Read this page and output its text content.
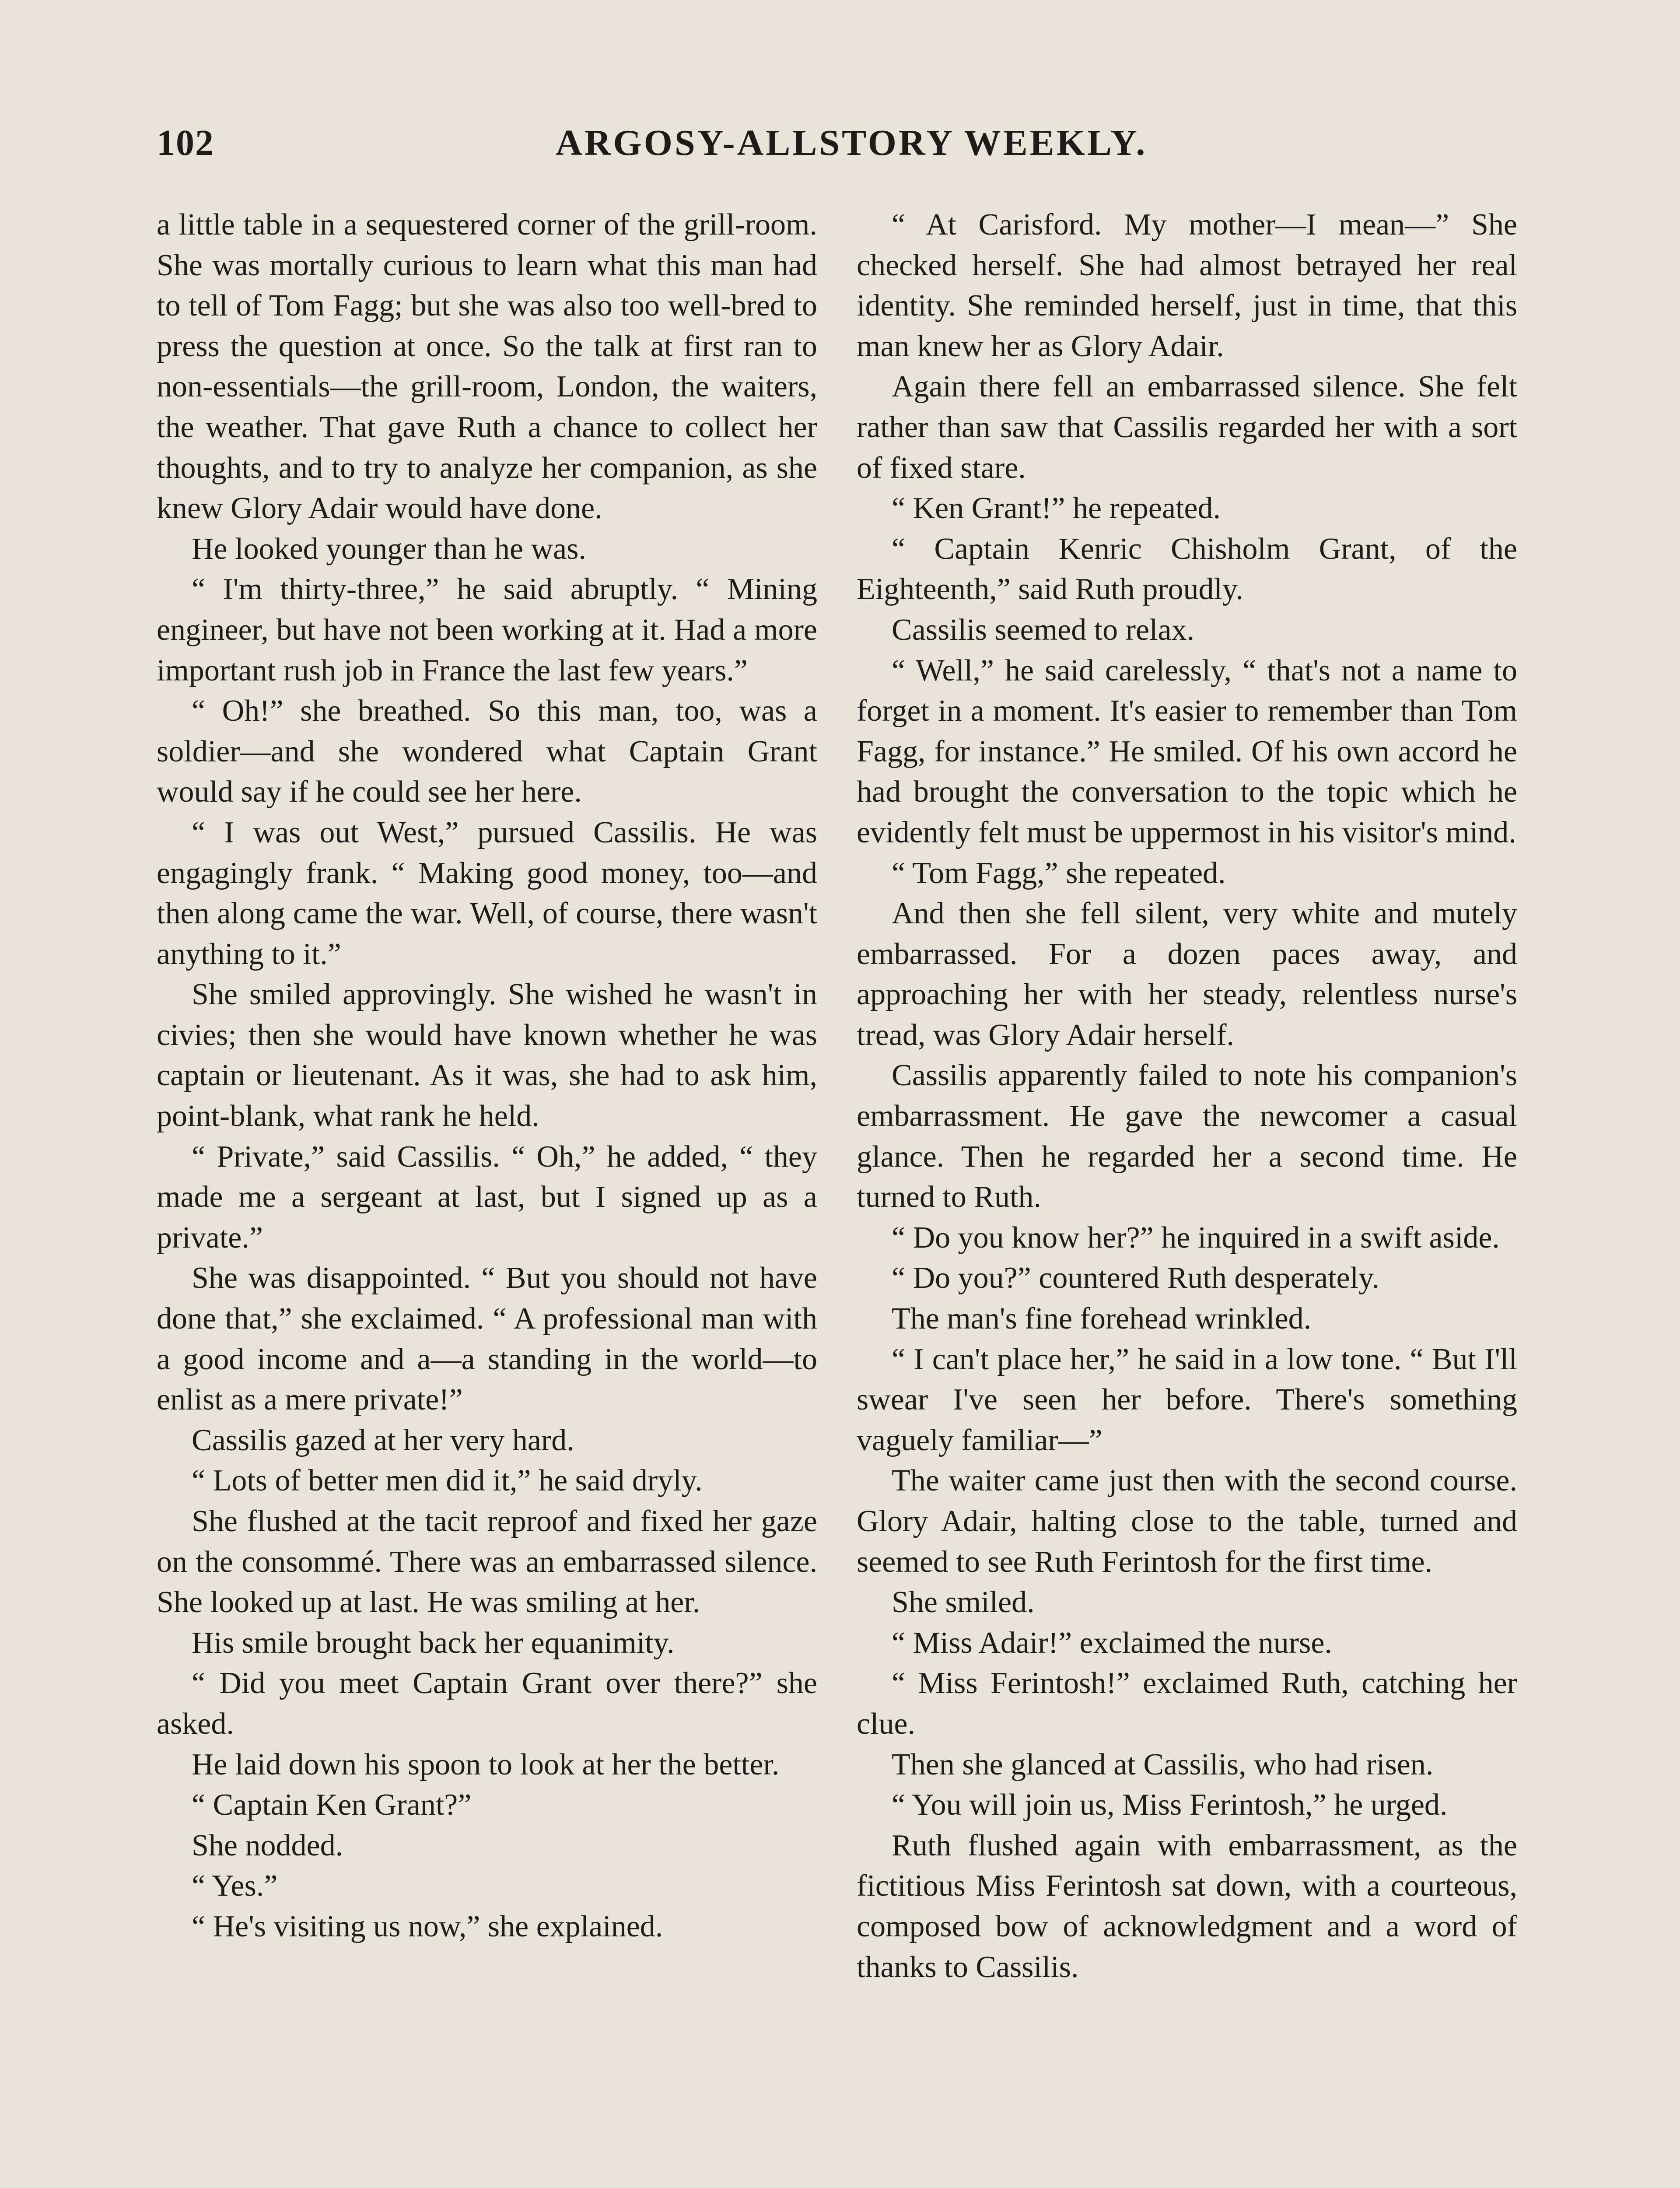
102	ARGOSY-ALLSTORY WEEKLY.

a little table in a sequestered corner of the grill-room. She was mortally curious to learn what this man had to tell of Tom Fagg; but she was also too well-bred to press the question at once. So the talk at first ran to non-essentials—the grill-room, London, the waiters, the weather. That gave Ruth a chance to collect her thoughts, and to try to analyze her companion, as she knew Glory Adair would have done.

He looked younger than he was.

“ I'm thirty-three,” he said abruptly. “ Mining engineer, but have not been working at it. Had a more important rush job in France the last few years.”

“ Oh!” she breathed. So this man, too, was a soldier—and she wondered what Captain Grant would say if he could see her here.

“ I was out West,” pursued Cassilis. He was engagingly frank. “ Making good money, too—and then along came the war. Well, of course, there wasn't anything to it.”

She smiled approvingly. She wished he wasn't in civies; then she would have known whether he was captain or lieutenant. As it was, she had to ask him, point-blank, what rank he held.

“ Private,” said Cassilis. “ Oh,” he added, “ they made me a sergeant at last, but I signed up as a private.”

She was disappointed. “ But you should not have done that,” she exclaimed. “ A professional man with a good income and a—a standing in the world—to enlist as a mere private!”

Cassilis gazed at her very hard.

“ Lots of better men did it,” he said dryly.

She flushed at the tacit reproof and fixed her gaze on the consommé. There was an embarrassed silence. She looked up at last. He was smiling at her.

His smile brought back her equanimity.

“ Did you meet Captain Grant over there?” she asked.

He laid down his spoon to look at her the better.

“ Captain Ken Grant?”

She nodded.

“ Yes.”

“ He's visiting us now,” she explained.

“ At Carisford. My mother—I mean—” She checked herself. She had almost betrayed her real identity. She reminded herself, just in time, that this man knew her as Glory Adair.

Again there fell an embarrassed silence. She felt rather than saw that Cassilis regarded her with a sort of fixed stare.

“ Ken Grant!” he repeated.

“ Captain Kenric Chisholm Grant, of the Eighteenth,” said Ruth proudly.

Cassilis seemed to relax.

“ Well,” he said carelessly, “ that's not a name to forget in a moment. It's easier to remember than Tom Fagg, for instance.” He smiled. Of his own accord he had brought the conversation to the topic which he evidently felt must be uppermost in his visitor's mind.

“ Tom Fagg,” she repeated.

And then she fell silent, very white and mutely embarrassed. For a dozen paces away, and approaching her with her steady, relentless nurse's tread, was Glory Adair herself.

Cassilis apparently failed to note his companion's embarrassment. He gave the newcomer a casual glance. Then he regarded her a second time. He turned to Ruth.

“ Do you know her?” he inquired in a swift aside.

“ Do you?” countered Ruth desperately.

The man's fine forehead wrinkled.

“ I can't place her,” he said in a low tone. “ But I'll swear I've seen her before. There's something vaguely familiar—”

The waiter came just then with the second course. Glory Adair, halting close to the table, turned and seemed to see Ruth Ferintosh for the first time.

She smiled.

“ Miss Adair!” exclaimed the nurse.

“ Miss Ferintosh!” exclaimed Ruth, catching her clue.

Then she glanced at Cassilis, who had risen.

“ You will join us, Miss Ferintosh,” he urged.

Ruth flushed again with embarrassment, as the fictitious Miss Ferintosh sat down, with a courteous, composed bow of acknowledgment and a word of thanks to Cassilis.
